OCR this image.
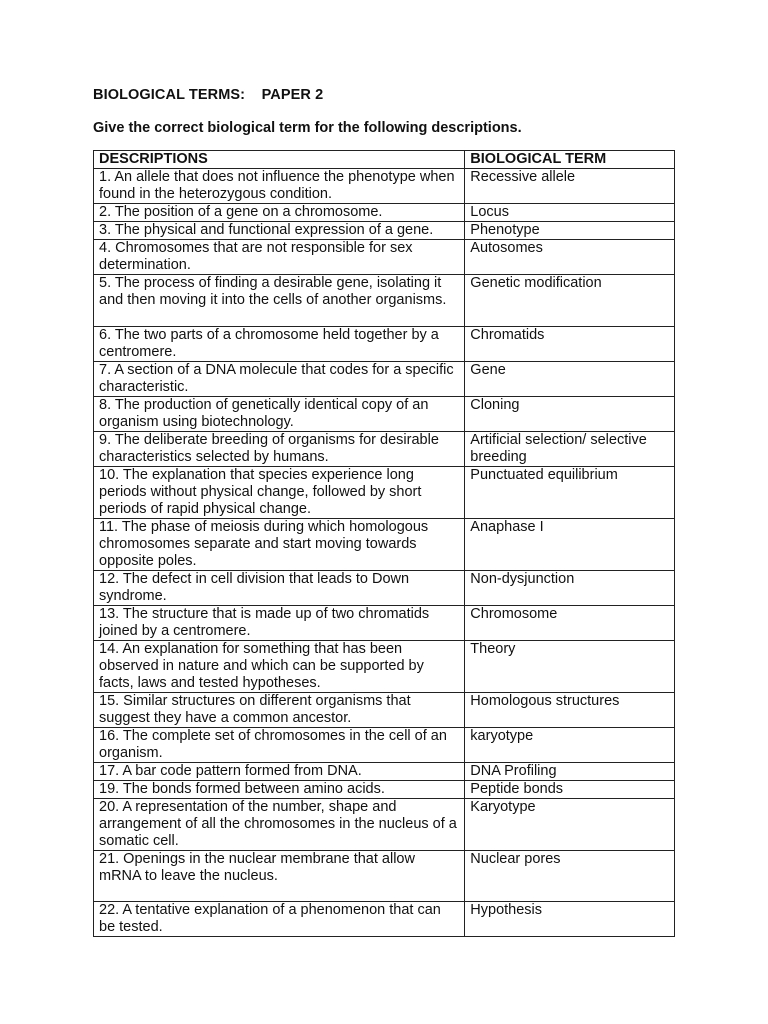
BIOLOGICAL TERMS:    PAPER 2
Give the correct biological term for the following descriptions.
DESCRIPTIONS	BIOLOGICAL TERM
1. An allele that does not influence the phenotype when found in the heterozygous condition.	Recessive allele
2. The position of a gene on a chromosome.	Locus
3. The physical and functional expression of a gene.	Phenotype
4. Chromosomes that are not responsible for sex determination.	Autosomes
5. The process of finding a desirable gene, isolating it and then moving it into the cells of another organisms.	Genetic modification
6. The two parts of a chromosome held together by a centromere.	Chromatids
7. A section of a DNA molecule that codes for a specific characteristic.	Gene
8. The production of genetically identical copy of an organism using biotechnology.	Cloning
9. The deliberate breeding of organisms for desirable characteristics selected by humans.	Artificial selection/ selective breeding
10. The explanation that species experience long periods without physical change, followed by short periods of rapid physical change.	Punctuated equilibrium
11. The phase of meiosis during which homologous chromosomes separate and start moving towards opposite poles.	Anaphase I
12. The defect in cell division that leads to Down syndrome.	Non-dysjunction
13. The structure that is made up of two chromatids joined by a centromere.	Chromosome
14. An explanation for something that has been observed in nature and which can be supported by facts, laws and tested hypotheses.	Theory
15. Similar structures on different organisms that suggest they have a common ancestor.	Homologous structures
16. The complete set of chromosomes in the cell of an organism.	karyotype
17. A bar code pattern formed from DNA.	DNA Profiling
19. The bonds formed between amino acids.	Peptide bonds
20. A representation of the number, shape and arrangement of all the chromosomes in the nucleus of a somatic cell.	Karyotype
21. Openings in the nuclear membrane that allow mRNA to leave the nucleus.	Nuclear pores
22. A tentative explanation of a phenomenon that can be tested.	Hypothesis
